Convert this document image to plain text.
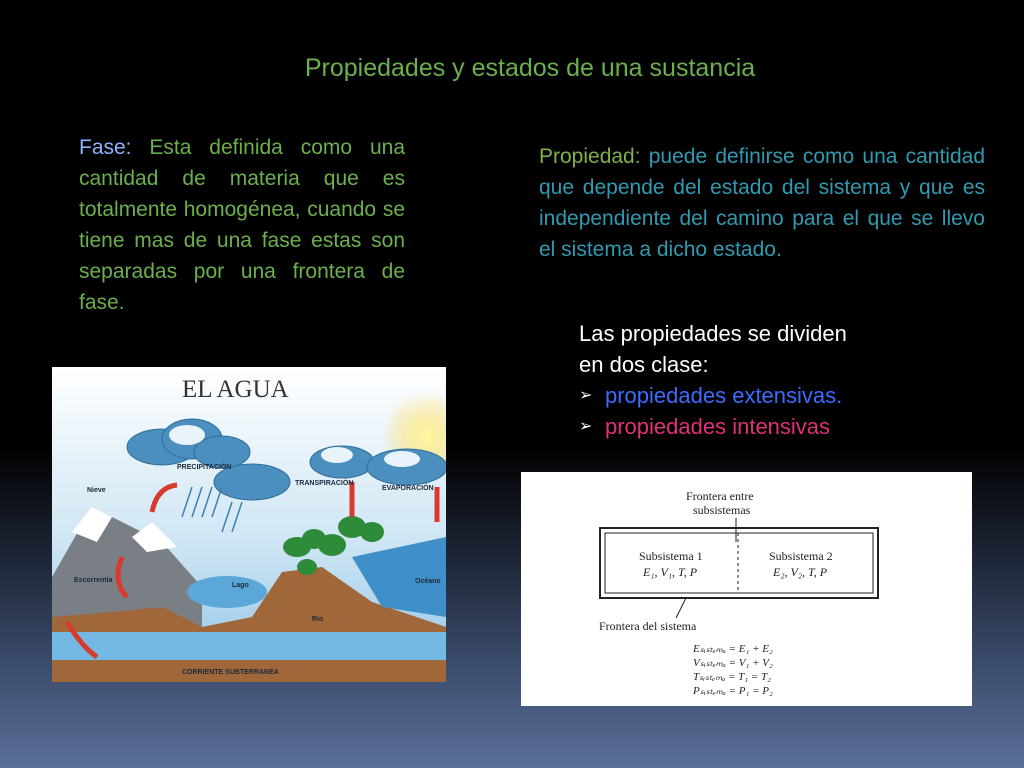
Propiedades y estados de una sustancia
Fase: Esta definida como una cantidad de materia que es totalmente homogénea, cuando se tiene mas de una fase estas son separadas por una frontera de fase.
Propiedad: puede definirse como una cantidad que depende del estado del sistema y que es independiente del camino para el que se llevo el sistema a dicho estado.
Las propiedades se dividen
en dos clase:
➢ propiedades extensivas.
➢ propiedades intensivas
EL AGUA
PRECIPITACIÓN
TRANSPIRACIÓN
EVAPORACIÓN
Nieve
Escorrentía
Lago
Río
Océano
CORRIENTE SUBTERRANEA
Frontera entre
subsistemas
Subsistema 1
E₁, V₁, T, P
Subsistema 2
E₂, V₂, T, P
Frontera del sistema
Eₛᵢₛₜₑₘₐ = E₁ + E₂
Vₛᵢₛₜₑₘₐ = V₁ + V₂
Tₛᵢₛₜₑₘₐ = T₁ = T₂
Pₛᵢₛₜₑₘₐ = P₁ = P₂
